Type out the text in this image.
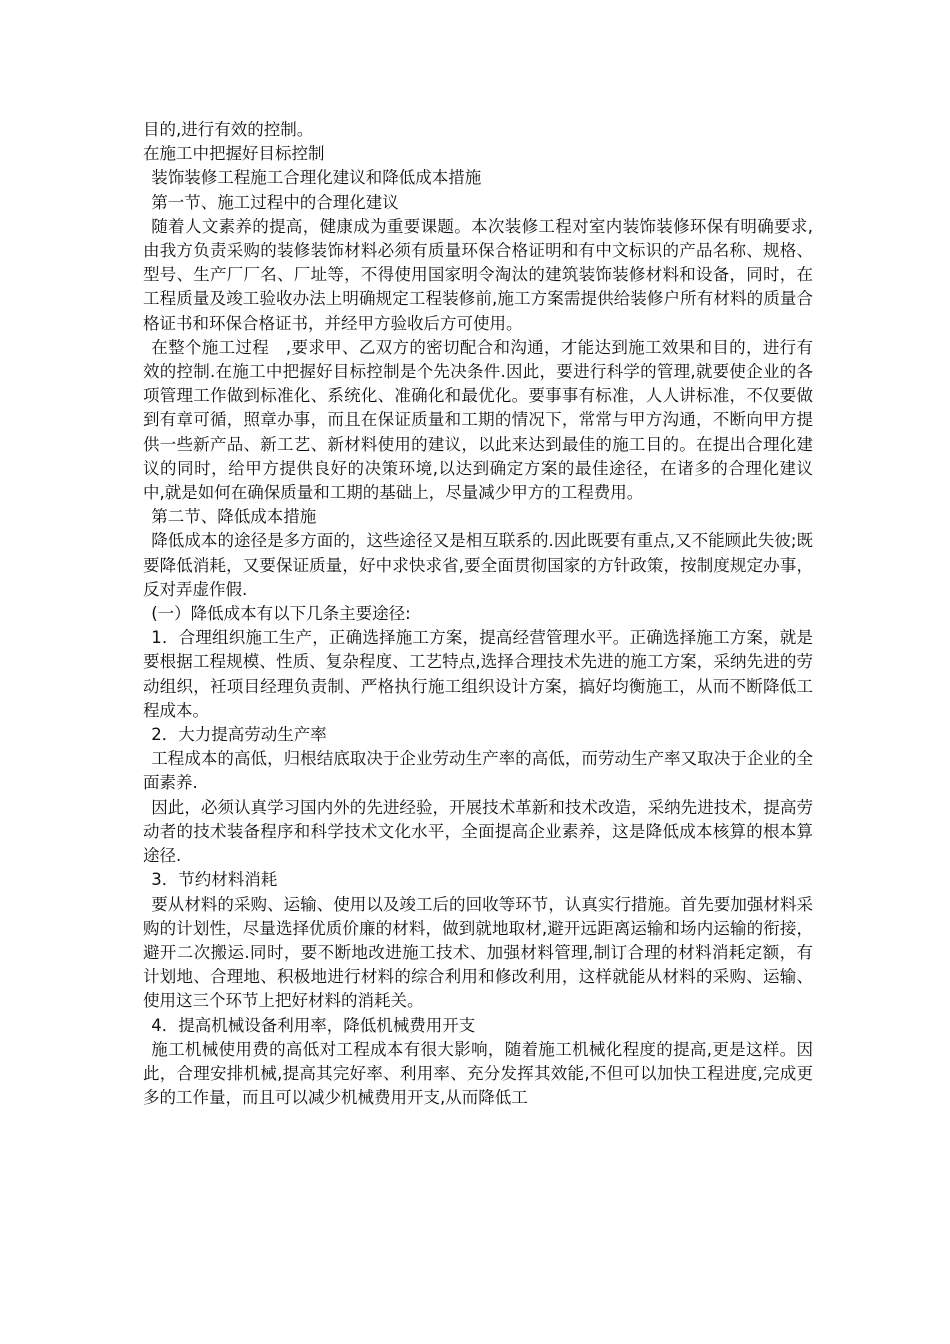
目的,进行有效的控制。

在施工中把握好目标控制

装饰装修工程施工合理化建议和降低成本措施

第一节、施工过程中的合理化建议

随着人文素养的提高，健康成为重要课题。本次装修工程对室内装饰装修环保有明确要求,由我方负责采购的装修装饰材料必须有质量环保合格证明和有中文标识的产品名称、规格、型号、生产厂厂名、厂址等，不得使用国家明令淘汰的建筑装饰装修材料和设备，同时，在工程质量及竣工验收办法上明确规定工程装修前,施工方案需提供给装修户所有材料的质量合格证书和环保合格证书，并经甲方验收后方可使用。

在整个施工过程　,要求甲、乙双方的密切配合和沟通，才能达到施工效果和目的，进行有效的控制.在施工中把握好目标控制是个先决条件.因此，要进行科学的管理,就要使企业的各项管理工作做到标准化、系统化、准确化和最优化。要事事有标准，人人讲标准，不仅要做到有章可循，照章办事，而且在保证质量和工期的情况下，常常与甲方沟通，不断向甲方提供一些新产品、新工艺、新材料使用的建议，以此来达到最佳的施工目的。在提出合理化建议的同时，给甲方提供良好的决策环境,以达到确定方案的最佳途径，在诸多的合理化建议中,就是如何在确保质量和工期的基础上，尽量减少甲方的工程费用。

第二节、降低成本措施

降低成本的途径是多方面的，这些途径又是相互联系的.因此既要有重点,又不能顾此失彼;既要降低消耗，又要保证质量，好中求快求省,要全面贯彻国家的方针政策，按制度规定办事，反对弄虚作假.

(一）降低成本有以下几条主要途径:

1．合理组织施工生产，正确选择施工方案，提高经营管理水平。正确选择施工方案，就是要根据工程规模、性质、复杂程度、工艺特点,选择合理技术先进的施工方案，采纳先进的劳动组织，衽项目经理负责制、严格执行施工组织设计方案，搞好均衡施工，从而不断降低工程成本。

2．大力提高劳动生产率

工程成本的高低，归根结底取决于企业劳动生产率的高低，而劳动生产率又取决于企业的全面素养.

因此，必须认真学习国内外的先进经验，开展技术革新和技术改造，采纳先进技术，提高劳动者的技术装备程序和科学技术文化水平，全面提高企业素养，这是降低成本核算的根本算途径.

3．节约材料消耗

要从材料的采购、运输、使用以及竣工后的回收等环节，认真实行措施。首先要加强材料采购的计划性，尽量选择优质价廉的材料，做到就地取材,避开远距离运输和场内运输的衔接，避开二次搬运.同时，要不断地改进施工技术、加强材料管理,制订合理的材料消耗定额，有计划地、合理地、积极地进行材料的综合利用和修改利用，这样就能从材料的采购、运输、使用这三个环节上把好材料的消耗关。

4．提高机械设备利用率，降低机械费用开支

施工机械使用费的高低对工程成本有很大影响，随着施工机械化程度的提高,更是这样。因此，合理安排机械,提高其完好率、利用率、充分发挥其效能,不但可以加快工程进度,完成更多的工作量，而且可以减少机械费用开支,从而降低工
